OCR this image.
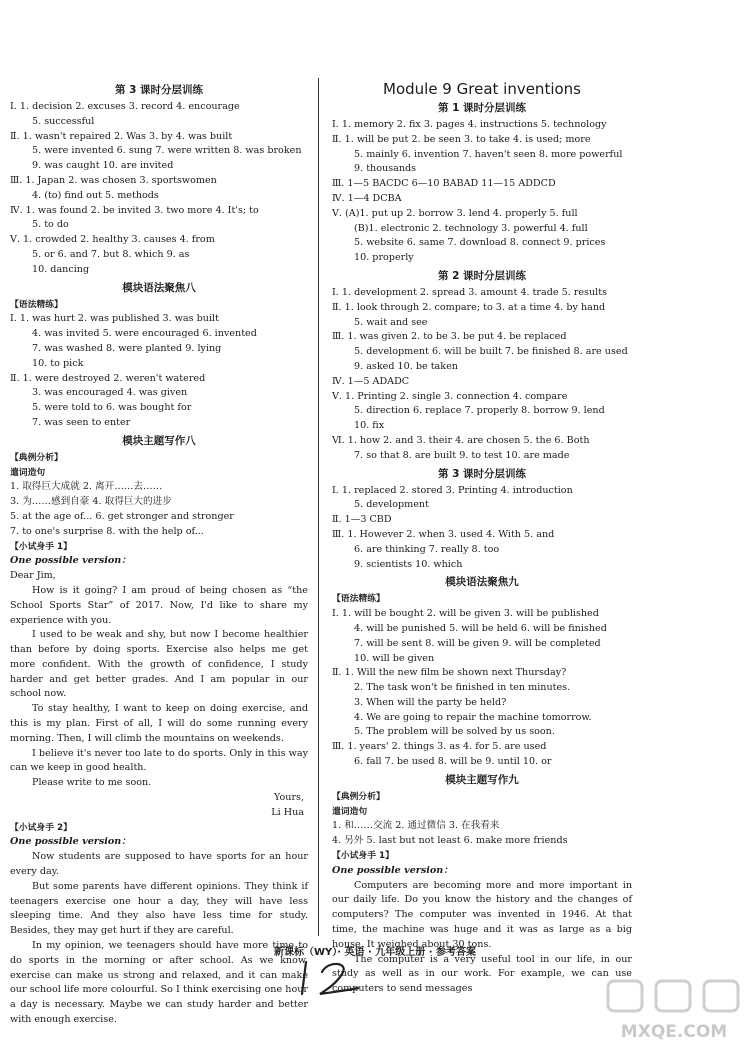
第 3 课时分层训练
Ⅰ. 1. decision 2. excuses 3. record 4. encourage
5. successful
Ⅱ. 1. wasn't repaired 2. Was 3. by 4. was built
5. were invented 6. sung 7. were written 8. was broken
9. was caught 10. are invited
Ⅲ. 1. Japan 2. was chosen 3. sportswomen
4. (to) find out 5. methods
Ⅳ. 1. was found 2. be invited 3. two more 4. It's; to
5. to do
Ⅴ. 1. crowded 2. healthy 3. causes 4. from
5. or 6. and 7. but 8. which 9. as
10. dancing
模块语法聚焦八
【语法精练】
Ⅰ. 1. was hurt 2. was published 3. was built
4. was invited 5. were encouraged 6. invented
7. was washed 8. were planted 9. lying
10. to pick
Ⅱ. 1. were destroyed 2. weren't watered
3. was encouraged 4. was given
5. were told to 6. was bought for
7. was seen to enter
模块主题写作八
【典例分析】
遣词造句
1. 取得巨大成就 2. 离开……去……
3. 为……感到自豪 4. 取得巨大的进步
5. at the age of... 6. get stronger and stronger
7. to one's surprise 8. with the help of...
【小试身手 1】
One possible version：
Dear Jim,
How is it going? I am proud of being chosen as “the School Sports Star” of 2017. Now, I'd like to share my experience with you.
I used to be weak and shy, but now I become healthier than before by doing sports. Exercise also helps me get more confident. With the growth of confidence, I study harder and get better grades. And I am popular in our school now.
To stay healthy, I want to keep on doing exercise, and this is my plan. First of all, I will do some running every morning. Then, I will climb the mountains on weekends.
I believe it's never too late to do sports. Only in this way can we keep in good health.
Please write to me soon.
Yours,
Li Hua
【小试身手 2】
One possible version：
Now students are supposed to have sports for an hour every day.
But some parents have different opinions. They think if teenagers exercise one hour a day, they will have less sleeping time. And they also have less time for study. Besides, they may get hurt if they are careful.
In my opinion, we teenagers should have more time to do sports in the morning or after school. As we know, exercise can make us strong and relaxed, and it can make our school life more colourful. So I think exercising one hour a day is necessary. Maybe we can study harder and better with enough exercise.
Module 9 Great inventions
第 1 课时分层训练
Ⅰ. 1. memory 2. fix 3. pages 4. instructions 5. technology
Ⅱ. 1. will be put 2. be seen 3. to take 4. is used; more
5. mainly 6. invention 7. haven't seen 8. more powerful
9. thousands
Ⅲ. 1—5 BACDC 6—10 BABAD 11—15 ADDCD
Ⅳ. 1—4 DCBA
Ⅴ. (A)1. put up 2. borrow 3. lend 4. properly 5. full
(B)1. electronic 2. technology 3. powerful 4. full
5. website 6. same 7. download 8. connect 9. prices
10. properly
第 2 课时分层训练
Ⅰ. 1. development 2. spread 3. amount 4. trade 5. results
Ⅱ. 1. look through 2. compare; to 3. at a time 4. by hand
5. wait and see
Ⅲ. 1. was given 2. to be 3. be put 4. be replaced
5. development 6. will be built 7. be finished 8. are used
9. asked 10. be taken
Ⅳ. 1—5 ADADC
Ⅴ. 1. Printing 2. single 3. connection 4. compare
5. direction 6. replace 7. properly 8. borrow 9. lend
10. fix
Ⅵ. 1. how 2. and 3. their 4. are chosen 5. the 6. Both
7. so that 8. are built 9. to test 10. are made
第 3 课时分层训练
Ⅰ. 1. replaced 2. stored 3. Printing 4. introduction
5. development
Ⅱ. 1—3 CBD
Ⅲ. 1. However 2. when 3. used 4. With 5. and
6. are thinking 7. really 8. too
9. scientists 10. which
模块语法聚焦九
【语法精练】
Ⅰ. 1. will be bought 2. will be given 3. will be published
4. will be punished 5. will be held 6. will be finished
7. will be sent 8. will be given 9. will be completed
10. will be given
Ⅱ. 1. Will the new film be shown next Thursday?
2. The task won't be finished in ten minutes.
3. When will the party be held?
4. We are going to repair the machine tomorrow.
5. The problem will be solved by us soon.
Ⅲ. 1. years' 2. things 3. as 4. for 5. are used
6. fall 7. be used 8. will be 9. until 10. or
模块主题写作九
【典例分析】
遣词造句
1. 和……交流 2. 通过微信 3. 在我看来
4. 另外 5. last but not least 6. make more friends
【小试身手 1】
One possible version：
Computers are becoming more and more important in our daily life. Do you know the history and the changes of computers? The computer was invented in 1946. At that time, the machine was huge and it was as large as a big house. It weighed about 30 tons.
The computer is a very useful tool in our life, in our study as well as in our work. For example, we can use computers to send messages
新课标（WY）· 英语 · 九年级上册 · 参考答案
MXQE.COM
